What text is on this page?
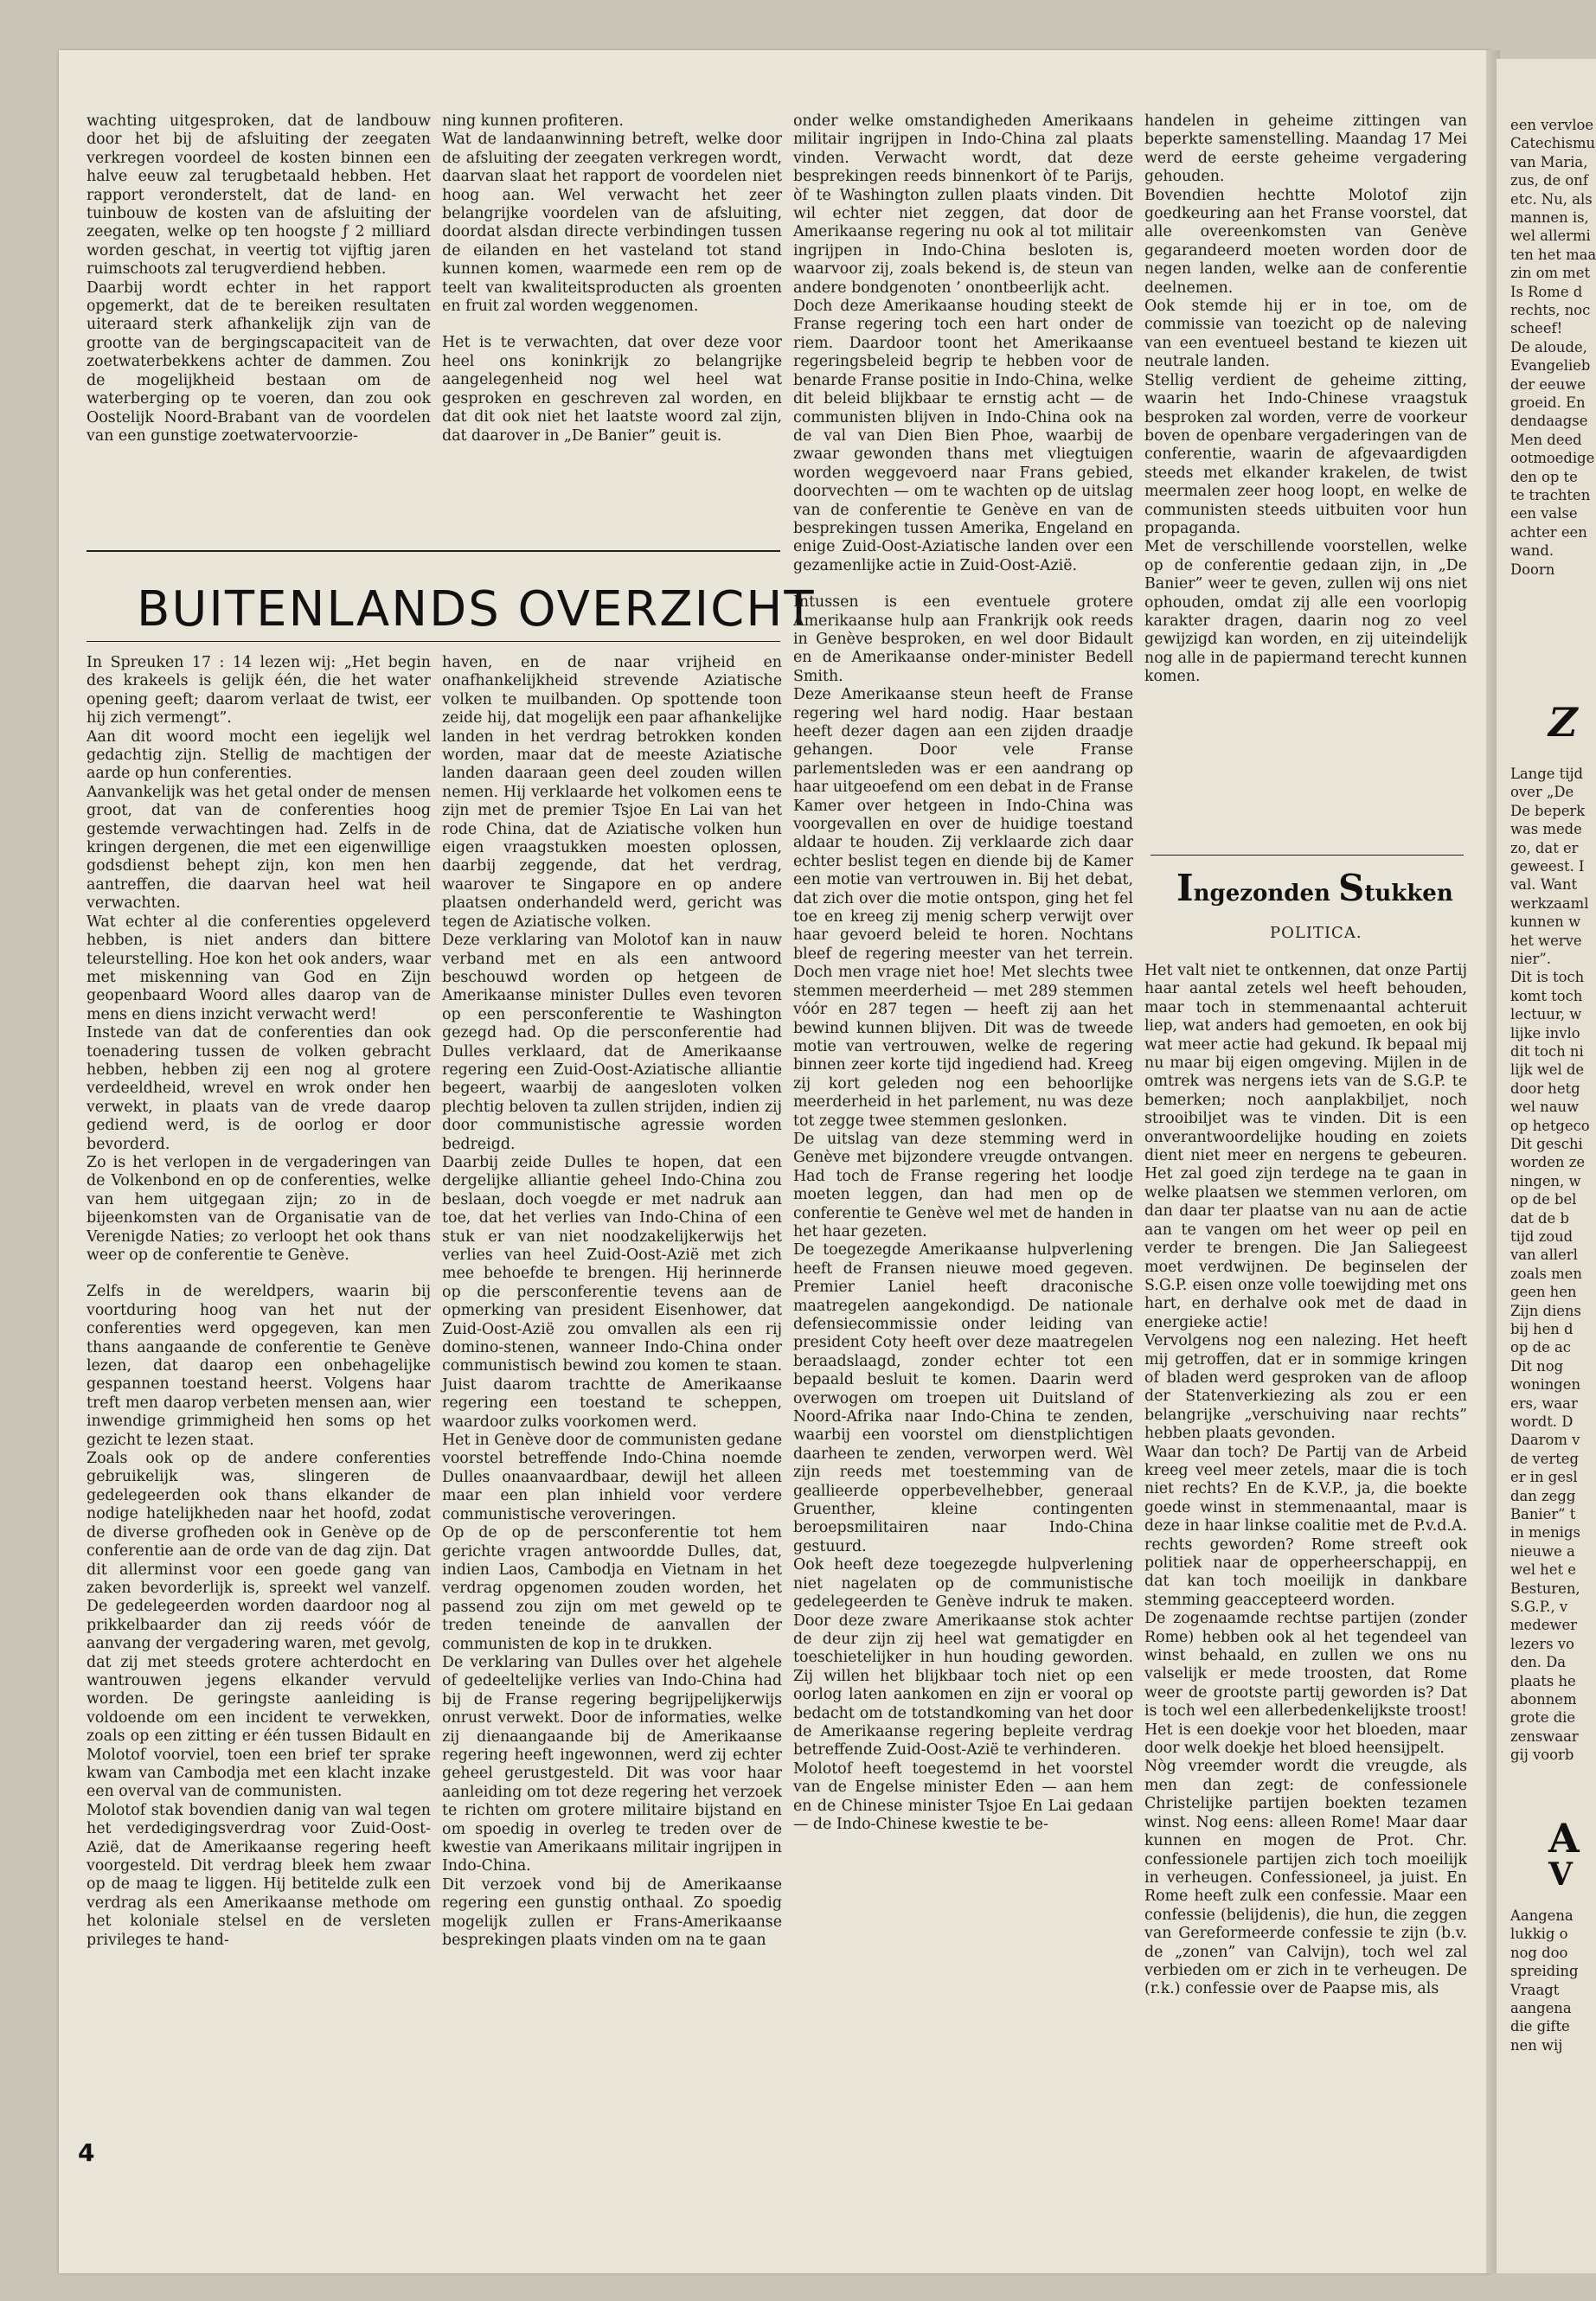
wachting uitgesproken, dat de landbouw door het bij de afsluiting der zeegaten verkregen voordeel de kosten binnen een halve eeuw zal terugbetaald hebben. Het rapport veronderstelt, dat de land- en tuinbouw de kosten van de afsluiting der zeegaten, welke op ten hoogste ƒ 2 milliard worden geschat, in veertig tot vijftig jaren ruimschoots zal terugverdiend hebben.

Daarbij wordt echter in het rapport opgemerkt, dat de te bereiken resultaten uiteraard sterk afhankelijk zijn van de grootte van de bergingscapaciteit van de zoetwaterbekkens achter de dammen. Zou de mogelijkheid bestaan om de waterberging op te voeren, dan zou ook Oostelijk Noord-Brabant van de voordelen van een gunstige zoetwatervoorzie-

ning kunnen profiteren.

Wat de landaanwinning betreft, welke door de afsluiting der zeegaten verkregen wordt, daarvan slaat het rapport de voordelen niet hoog aan. Wel verwacht het zeer belangrijke voordelen van de afsluiting, doordat alsdan directe verbindingen tussen de eilanden en het vasteland tot stand kunnen komen, waarmede een rem op de teelt van kwaliteitsproducten als groenten en fruit zal worden weggenomen.

Het is te verwachten, dat over deze voor heel ons koninkrijk zo belangrijke aangelegenheid nog wel heel wat gesproken en geschreven zal worden, en dat dit ook niet het laatste woord zal zijn, dat daarover in „De Banier” geuit is.

BUITENLANDS OVERZICHT

In Spreuken 17 : 14 lezen wij: „Het begin des krakeels is gelijk één, die het water opening geeft; daarom verlaat de twist, eer hij zich vermengt”.

Aan dit woord mocht een iegelijk wel gedachtig zijn. Stellig de machtigen der aarde op hun conferenties.

Aanvankelijk was het getal onder de mensen groot, dat van de conferenties hoog gestemde verwachtingen had. Zelfs in de kringen dergenen, die met een eigenwillige godsdienst behept zijn, kon men hen aantreffen, die daarvan heel wat heil verwachten.

Wat echter al die conferenties opgeleverd hebben, is niet anders dan bittere teleurstelling. Hoe kon het ook anders, waar met miskenning van God en Zijn geopenbaard Woord alles daarop van de mens en diens inzicht verwacht werd!

Instede van dat de conferenties dan ook toenadering tussen de volken gebracht hebben, hebben zij een nog al grotere verdeeldheid, wrevel en wrok onder hen verwekt, in plaats van de vrede daarop gediend werd, is de oorlog er door bevorderd.

Zo is het verlopen in de vergaderingen van de Volkenbond en op de conferenties, welke van hem uitgegaan zijn; zo in de bijeenkomsten van de Organisatie van de Verenigde Naties; zo verloopt het ook thans weer op de conferentie te Genève.

Zelfs in de wereldpers, waarin bij voortduring hoog van het nut der conferenties werd opgegeven, kan men thans aangaande de conferentie te Genève lezen, dat daarop een onbehagelijke gespannen toestand heerst. Volgens haar treft men daarop verbeten mensen aan, wier inwendige grimmigheid hen soms op het gezicht te lezen staat.

Zoals ook op de andere conferenties gebruikelijk was, slingeren de gedelegeerden ook thans elkander de nodige hatelijkheden naar het hoofd, zodat de diverse grofheden ook in Genève op de conferentie aan de orde van de dag zijn. Dat dit allerminst voor een goede gang van zaken bevorderlijk is, spreekt wel vanzelf. De gedelegeerden worden daardoor nog al prikkelbaarder dan zij reeds vóór de aanvang der vergadering waren, met gevolg, dat zij met steeds grotere achterdocht en wantrouwen jegens elkander vervuld worden. De geringste aanleiding is voldoende om een incident te verwekken, zoals op een zitting er één tussen Bidault en Molotof voorviel, toen een brief ter sprake kwam van Cambodja met een klacht inzake een overval van de communisten.

Molotof stak bovendien danig van wal tegen het verdedigingsverdrag voor Zuid-Oost-Azië, dat de Amerikaanse regering heeft voorgesteld. Dit verdrag bleek hem zwaar op de maag te liggen. Hij betitelde zulk een verdrag als een Amerikaanse methode om het koloniale stelsel en de versleten privileges te hand-

haven, en de naar vrijheid en onafhankelijkheid strevende Aziatische volken te muilbanden. Op spottende toon zeide hij, dat mogelijk een paar afhankelijke landen in het verdrag betrokken konden worden, maar dat de meeste Aziatische landen daaraan geen deel zouden willen nemen. Hij verklaarde het volkomen eens te zijn met de premier Tsjoe En Lai van het rode China, dat de Aziatische volken hun eigen vraagstukken moesten oplossen, daarbij zeggende, dat het verdrag, waarover te Singapore en op andere plaatsen onderhandeld werd, gericht was tegen de Aziatische volken.

Deze verklaring van Molotof kan in nauw verband met en als een antwoord beschouwd worden op hetgeen de Amerikaanse minister Dulles even tevoren op een persconferentie te Washington gezegd had. Op die persconferentie had Dulles verklaard, dat de Amerikaanse regering een Zuid-Oost-Aziatische alliantie begeert, waarbij de aangesloten volken plechtig beloven ta zullen strijden, indien zij door communistische agressie worden bedreigd.

Daarbij zeide Dulles te hopen, dat een dergelijke alliantie geheel Indo-China zou beslaan, doch voegde er met nadruk aan toe, dat het verlies van Indo-China of een stuk er van niet noodzakelijkerwijs het verlies van heel Zuid-Oost-Azië met zich mee behoefde te brengen. Hij herinnerde op die persconferentie tevens aan de opmerking van president Eisenhower, dat Zuid-Oost-Azië zou omvallen als een rij domino-stenen, wanneer Indo-China onder communistisch bewind zou komen te staan. Juist daarom trachtte de Amerikaanse regering een toestand te scheppen, waardoor zulks voorkomen werd.

Het in Genève door de communisten gedane voorstel betreffende Indo-China noemde Dulles onaanvaardbaar, dewijl het alleen maar een plan inhield voor verdere communistische veroveringen.

Op de op de persconferentie tot hem gerichte vragen antwoordde Dulles, dat, indien Laos, Cambodja en Vietnam in het verdrag opgenomen zouden worden, het passend zou zijn om met geweld op te treden teneinde de aanvallen der communisten de kop in te drukken.

De verklaring van Dulles over het algehele of gedeeltelijke verlies van Indo-China had bij de Franse regering begrijpelijkerwijs onrust verwekt. Door de informaties, welke zij dienaangaande bij de Amerikaanse regering heeft ingewonnen, werd zij echter geheel gerustgesteld. Dit was voor haar aanleiding om tot deze regering het verzoek te richten om grotere militaire bijstand en om spoedig in overleg te treden over de kwestie van Amerikaans militair ingrijpen in Indo-China.

Dit verzoek vond bij de Amerikaanse regering een gunstig onthaal. Zo spoedig mogelijk zullen er Frans-Amerikaanse besprekingen plaats vinden om na te gaan

onder welke omstandigheden Amerikaans militair ingrijpen in Indo-China zal plaats vinden. Verwacht wordt, dat deze besprekingen reeds binnenkort òf te Parijs, òf te Washington zullen plaats vinden. Dit wil echter niet zeggen, dat door de Amerikaanse regering nu ook al tot militair ingrijpen in Indo-China besloten is, waarvoor zij, zoals bekend is, de steun van andere bondgenoten ’ onontbeerlijk acht.

Doch deze Amerikaanse houding steekt de Franse regering toch een hart onder de riem. Daardoor toont het Amerikaanse regeringsbeleid begrip te hebben voor de benarde Franse positie in Indo-China, welke dit beleid blijkbaar te ernstig acht — de communisten blijven in Indo-China ook na de val van Dien Bien Phoe, waarbij de zwaar gewonden thans met vliegtuigen worden weggevoerd naar Frans gebied, doorvechten — om te wachten op de uitslag van de conferentie te Genève en van de besprekingen tussen Amerika, Engeland en enige Zuid-Oost-Aziatische landen over een gezamenlijke actie in Zuid-Oost-Azië.

Intussen is een eventuele grotere Amerikaanse hulp aan Frankrijk ook reeds in Genève besproken, en wel door Bidault en de Amerikaanse onder-minister Bedell Smith.

Deze Amerikaanse steun heeft de Franse regering wel hard nodig. Haar bestaan heeft dezer dagen aan een zijden draadje gehangen. Door vele Franse parlementsleden was er een aandrang op haar uitgeoefend om een debat in de Franse Kamer over hetgeen in Indo-China was voorgevallen en over de huidige toestand aldaar te houden. Zij verklaarde zich daar echter beslist tegen en diende bij de Kamer een motie van vertrouwen in. Bij het debat, dat zich over die motie ontspon, ging het fel toe en kreeg zij menig scherp verwijt over haar gevoerd beleid te horen. Nochtans bleef de regering meester van het terrein. Doch men vrage niet hoe! Met slechts twee stemmen meerderheid — met 289 stemmen vóór en 287 tegen — heeft zij aan het bewind kunnen blijven. Dit was de tweede motie van vertrouwen, welke de regering binnen zeer korte tijd ingediend had. Kreeg zij kort geleden nog een behoorlijke meerderheid in het parlement, nu was deze tot zegge twee stemmen geslonken.

De uitslag van deze stemming werd in Genève met bijzondere vreugde ontvangen. Had toch de Franse regering het loodje moeten leggen, dan had men op de conferentie te Genève wel met de handen in het haar gezeten.

De toegezegde Amerikaanse hulpverlening heeft de Fransen nieuwe moed gegeven. Premier Laniel heeft draconische maatregelen aangekondigd. De nationale defensiecommissie onder leiding van president Coty heeft over deze maatregelen beraadslaagd, zonder echter tot een bepaald besluit te komen. Daarin werd overwogen om troepen uit Duitsland of Noord-Afrika naar Indo-China te zenden, waarbij een voorstel om dienstplichtigen daarheen te zenden, verworpen werd. Wèl zijn reeds met toestemming van de geallieerde opperbevelhebber, generaal Gruenther, kleine contingenten beroepsmilitairen naar Indo-China gestuurd.

Ook heeft deze toegezegde hulpverlening niet nagelaten op de communistische gedelegeerden te Genève indruk te maken. Door deze zware Amerikaanse stok achter de deur zijn zij heel wat gematigder en toeschietelijker in hun houding geworden. Zij willen het blijkbaar toch niet op een oorlog laten aankomen en zijn er vooral op bedacht om de totstandkoming van het door de Amerikaanse regering bepleite verdrag betreffende Zuid-Oost-Azië te verhinderen.

Molotof heeft toegestemd in het voorstel van de Engelse minister Eden — aan hem en de Chinese minister Tsjoe En Lai gedaan — de Indo-Chinese kwestie te be-

handelen in geheime zittingen van beperkte samenstelling. Maandag 17 Mei werd de eerste geheime vergadering gehouden.

Bovendien hechtte Molotof zijn goedkeuring aan het Franse voorstel, dat alle overeenkomsten van Genève gegarandeerd moeten worden door de negen landen, welke aan de conferentie deelnemen.

Ook stemde hij er in toe, om de commissie van toezicht op de naleving van een eventueel bestand te kiezen uit neutrale landen.

Stellig verdient de geheime zitting, waarin het Indo-Chinese vraagstuk besproken zal worden, verre de voorkeur boven de openbare vergaderingen van de conferentie, waarin de afgevaardigden steeds met elkander krakelen, de twist meermalen zeer hoog loopt, en welke de communisten steeds uitbuiten voor hun propaganda.

Met de verschillende voorstellen, welke op de conferentie gedaan zijn, in „De Banier” weer te geven, zullen wij ons niet ophouden, omdat zij alle een voorlopig karakter dragen, daarin nog zo veel gewijzigd kan worden, en zij uiteindelijk nog alle in de papiermand terecht kunnen komen.

Ingezonden Stukken
POLITICA.

Het valt niet te ontkennen, dat onze Partij haar aantal zetels wel heeft behouden, maar toch in stemmenaantal achteruit liep, wat anders had gemoeten, en ook bij wat meer actie had gekund. Ik bepaal mij nu maar bij eigen omgeving. Mijlen in de omtrek was nergens iets van de S.G.P. te bemerken; noch aanplakbiljet, noch strooibiljet was te vinden. Dit is een onverantwoordelijke houding en zoiets dient niet meer en nergens te gebeuren. Het zal goed zijn terdege na te gaan in welke plaatsen we stemmen verloren, om dan daar ter plaatse van nu aan de actie aan te vangen om het weer op peil en verder te brengen. Die Jan Saliegeest moet verdwijnen. De beginselen der S.G.P. eisen onze volle toewijding met ons hart, en derhalve ook met de daad in energieke actie!

Vervolgens nog een nalezing. Het heeft mij getroffen, dat er in sommige kringen of bladen werd gesproken van de afloop der Statenverkiezing als zou er een belangrijke „verschuiving naar rechts” hebben plaats gevonden.

Waar dan toch? De Partij van de Arbeid kreeg veel meer zetels, maar die is toch niet rechts? En de K.V.P., ja, die boekte goede winst in stemmenaantal, maar is deze in haar linkse coalitie met de P.v.d.A. rechts geworden? Rome streeft ook politiek naar de opperheerschappij, en dat kan toch moeilijk in dankbare stemming geaccepteerd worden.

De zogenaamde rechtse partijen (zonder Rome) hebben ook al het tegendeel van winst behaald, en zullen we ons nu valselijk er mede troosten, dat Rome weer de grootste partij geworden is? Dat is toch wel een allerbedenkelijkste troost! Het is een doekje voor het bloeden, maar door welk doekje het bloed heensijpelt.

Nòg vreemder wordt die vreugde, als men dan zegt: de confessionele Christelijke partijen boekten tezamen winst. Nog eens: alleen Rome! Maar daar kunnen en mogen de Prot. Chr. confessionele partijen zich toch moeilijk in verheugen. Confessioneel, ja juist. En Rome heeft zulk een confessie. Maar een confessie (belijdenis), die hun, die zeggen van Gereformeerde confessie te zijn (b.v. de „zonen” van Calvijn), toch wel zal verbieden om er zich in te verheugen. De (r.k.) confessie over de Paapse mis, als

4
een vervloe
Catechismu
van Maria,
zus, de onf
etc. Nu, als
mannen is,
wel allermi
ten het maa
zin om met
Is Rome d
rechts, noc
scheef!
De aloude,
Evangelieb
der eeuwe
groeid. En
dendaagse
Men deed
ootmoedige
den op te
te trachten
een valse
achter een
wand.
Doorn
Z
Lange tijd
over „De
De beperk
was mede
zo, dat er
geweest. I
val. Want
werkzaaml
kunnen w
het werve
nier”.
Dit is toch
komt toch
lectuur, w
lijke invlo
dit toch ni
lijk wel de
door hetg
wel nauw
op hetgeco
Dit geschi
worden ze
ningen, w
op de bel
dat de b
tijd zoud
van allerl
zoals men
geen hen
Zijn diens
bij hen d
op de ac
Dit nog
woningen
ers, waar
wordt. D
Daarom v
de verteg
er in gesl
dan zegg
Banier” t
in menigs
nieuwe a
wel het e
Besturen,
S.G.P., v
medewer
lezers vo
den. Da
plaats he
abonnem
grote die
zenswaar
gij voorb
A
V
Aangena
lukkig o
nog doo
spreiding
Vraagt
aangena
die gifte
nen wij
